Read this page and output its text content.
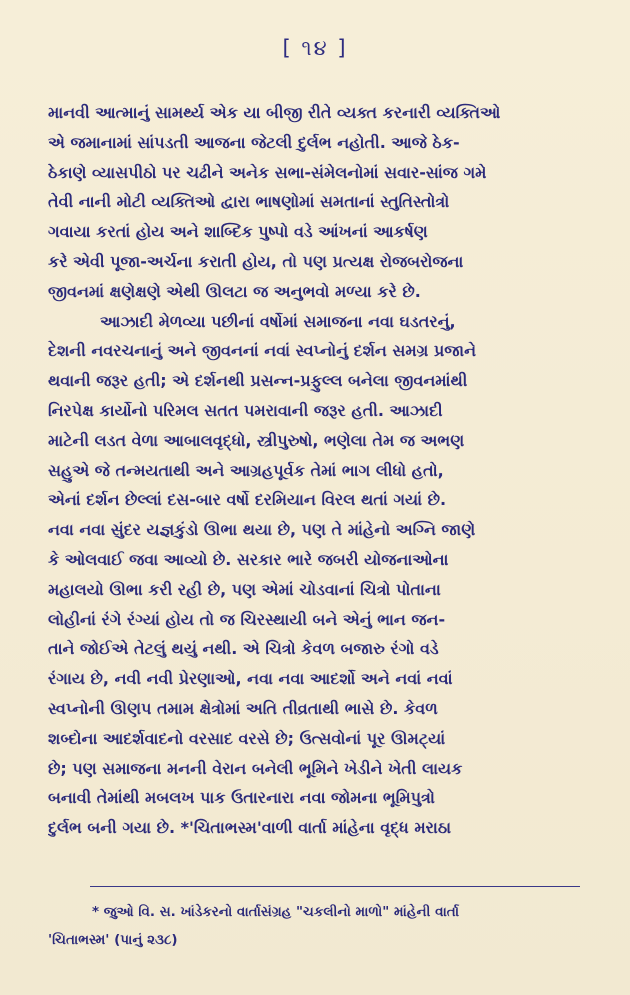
[ ૧૪ ]
માનવી આત્માનું સામર્થ્ય એક યા બીજી રીતે વ્યક્ત કરનારી વ્યક્તિઓ
એ જમાનામાં સાંપડતી આજના જેટલી દુર્લભ નહોતી. આજે ઠેક-
ઠેકાણે વ્યાસપીઠો પર ચઢીને અનેક સભા-સંમેલનોમાં સવાર-સાંજ ગમે
તેવી નાની મોટી વ્યક્તિઓ દ્વારા ભાષણોમાં સમતાનાં સ્તુતિસ્તોત્રો
ગવાયા કરતાં હોય અને શાબ્દિક પુષ્પો વડે આંખનાં આકર્ષણ
કરે એવી પૂજા-અર્ચના કરાતી હોય, તો પણ પ્રત્યક્ષ રોજબરોજના
જીવનમાં ક્ષણેક્ષણે એથી ઊલટા જ અનુભવો મળ્યા કરે છે.
આઝાદી મેળવ્યા પછીનાં વર્ષોમાં સમાજના નવા ઘડતરનું,
દેશની નવરચનાનું અને જીવનનાં નવાં સ્વપ્નોનું દર્શન સમગ્ર પ્રજાને
થવાની જરૂર હતી; એ દર્શનથી પ્રસન્ન-પ્રફુલ્લ બનેલા જીવનમાંથી
નિરપેક્ષ કાર્યોનો પરિમલ સતત પમરાવાની જરૂર હતી. આઝાદી
માટેની લડત વેળા આબાલવૃદ્ધો, સ્ત્રીપુરુષો, ભણેલા તેમ જ અભણ
સહુએ જે તન્મયતાથી અને આગ્રહપૂર્વક તેમાં ભાગ લીધો હતો,
એનાં દર્શન છેલ્લાં દસ-બાર વર્ષો દરમિયાન વિરલ થતાં ગયાં છે.
નવા નવા સુંદર યજ્ઞકુંડો ઊભા થયા છે, પણ તે માંહેનો અગ્નિ જાણે
કે ઓલવાઈ જવા આવ્યો છે. સરકાર ભારે જબરી યોજનાઓના
મહાલયો ઊભા કરી રહી છે, પણ એમાં ચોડવાનાં ચિત્રો પોતાના
લોહીનાં રંગે રંગ્યાં હોય તો જ ચિરસ્થાયી બને એનું ભાન જન-
તાને જોઈએ તેટલું થયું નથી. એ ચિત્રો કેવળ બજારુ રંગો વડે
રંગાય છે, નવી નવી પ્રેરણાઓ, નવા નવા આદર્શો અને નવાં નવાં
સ્વપ્નોની ઊણપ તમામ ક્ષેત્રોમાં અતિ તીવ્રતાથી ભાસે છે. કેવળ
શબ્દોના આદર્શવાદનો વરસાદ વરસે છે; ઉત્સવોનાં પૂર ઊમટ્યાં
છે; પણ સમાજના મનની વેરાન બનેલી ભૂમિને ખેડીને ખેતી લાયક
બનાવી તેમાંથી મબલખ પાક ઉતારનારા નવા જોમના ભૂમિપુત્રો
દુર્લભ બની ગયા છે. *'ચિતાભસ્મ'વાળી વાર્તા માંહેના વૃદ્ધ મરાઠા
* જુઓ વિ. સ. ખાંડેકરનો વાર્તાસંગ્રહ "ચકલીનો માળો" માંહેની વાર્તા
'ચિતાભસ્મ' (પાનું ૨૩૮)
